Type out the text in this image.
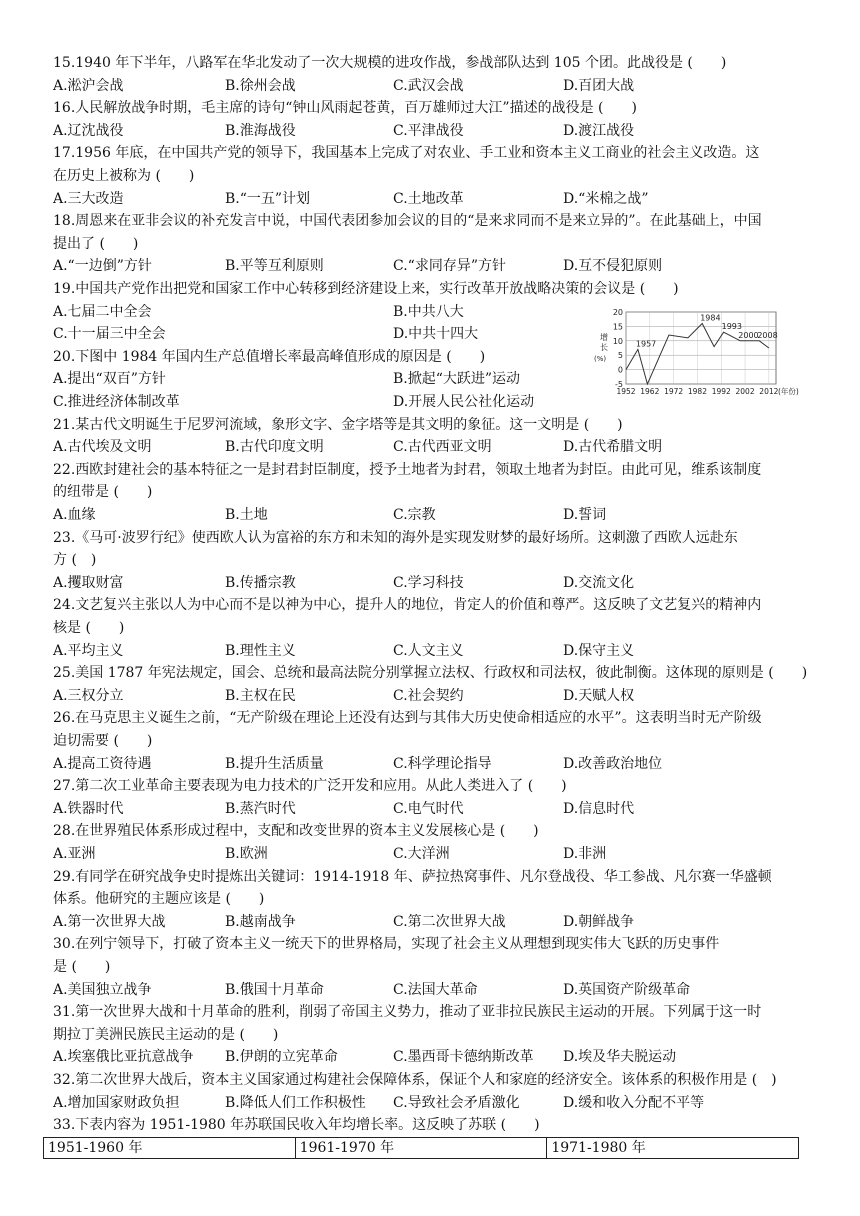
15.1940 年下半年，八路军在华北发动了一次大规模的进攻作战，参战部队达到 105 个团。此战役是 (　　)
A.淞沪会战	B.徐州会战	C.武汉会战	D.百团大战
16.人民解放战争时期，毛主席的诗句“钟山风雨起苍黄，百万雄师过大江”描述的战役是 (　　)
A.辽沈战役	B.淮海战役	C.平津战役	D.渡江战役
17.1956 年底，在中国共产党的领导下，我国基本上完成了对农业、手工业和资本主义工商业的社会主义改造。这
在历史上被称为 (　　)
A.三大改造	B.“一五”计划	C.土地改革	D.“米棉之战”
18.周恩来在亚非会议的补充发言中说，中国代表团参加会议的目的“是来求同而不是来立异的”。在此基础上，中国
提出了 (　　)
A.“一边倒”方针	B.平等互利原则	C.“求同存异”方针	D.互不侵犯原则
19.中国共产党作出把党和国家工作中心转移到经济建设上来，实行改革开放战略决策的会议是 (　　)
A.七届二中全会	B.中共八大
C.十一届三中全会	D.中共十四大
20.下图中 1984 年国内生产总值增长率最高峰值形成的原因是 (　　)
A.提出“双百”方针	B.掀起“大跃进”运动
C.推进经济体制改革	D.开展人民公社化运动
21.某古代文明诞生于尼罗河流域，象形文字、金字塔等是其文明的象征。这一文明是 (　　)
A.古代埃及文明	B.古代印度文明	C.古代西亚文明	D.古代希腊文明
22.西欧封建社会的基本特征之一是封君封臣制度，授予土地者为封君，领取土地者为封臣。由此可见，维系该制度
的纽带是 (　　)
A.血缘	B.土地	C.宗教	D.誓词
23.《马可·波罗行纪》使西欧人认为富裕的东方和未知的海外是实现发财梦的最好场所。这刺激了西欧人远赴东
方 (　)
A.攫取财富	B.传播宗教	C.学习科技	D.交流文化
24.文艺复兴主张以人为中心而不是以神为中心，提升人的地位，肯定人的价值和尊严。这反映了文艺复兴的精神内
核是 (　　)
A.平均主义	B.理性主义	C.人文主义	D.保守主义
25.美国 1787 年宪法规定，国会、总统和最高法院分别掌握立法权、行政权和司法权，彼此制衡。这体现的原则是 (　　)
A.三权分立	B.主权在民	C.社会契约	D.天赋人权
26.在马克思主义诞生之前，“无产阶级在理论上还没有达到与其伟大历史使命相适应的水平”。这表明当时无产阶级
迫切需要 (　　)
A.提高工资待遇	B.提升生活质量	C.科学理论指导	D.改善政治地位
27.第二次工业革命主要表现为电力技术的广泛开发和应用。从此人类进入了 (　　)
A.铁器时代	B.蒸汽时代	C.电气时代	D.信息时代
28.在世界殖民体系形成过程中，支配和改变世界的资本主义发展核心是 (　　)
A.亚洲	B.欧洲	C.大洋洲	D.非洲
29.有同学在研究战争史时提炼出关键词：1914-1918 年、萨拉热窝事件、凡尔登战役、华工参战、凡尔赛一华盛顿
体系。他研究的主题应该是 (　　)
A.第一次世界大战	B.越南战争	C.第二次世界大战	D.朝鲜战争
30.在列宁领导下，打破了资本主义一统天下的世界格局，实现了社会主义从理想到现实伟大飞跃的历史事件
是 (　　)
A.美国独立战争	B.俄国十月革命	C.法国大革命	D.英国资产阶级革命
31.第一次世界大战和十月革命的胜利，削弱了帝国主义势力，推动了亚非拉民族民主运动的开展。下列属于这一时
期拉丁美洲民族民主运动的是 (　　)
A.埃塞俄比亚抗意战争 B.伊朗的立宪革命	C.墨西哥卡德纳斯改革 D.埃及华夫脱运动
32.第二次世界大战后，资本主义国家通过构建社会保障体系，保证个人和家庭的经济安全。该体系的积极作用是 (　)
A.增加国家财政负担	B.降低人们工作积极性 C.导致社会矛盾激化	D.缓和收入分配不平等
33.下表内容为 1951-1980 年苏联国民收入年均增长率。这反映了苏联 (　　)
20
15
10
5
0
-5
1952 1962 1972 1982 1992 2002 2012 (年份)
增
长
(%)
1957
1984
1993
2000
2008
1951-1960 年	1961-1970 年	1971-1980 年
